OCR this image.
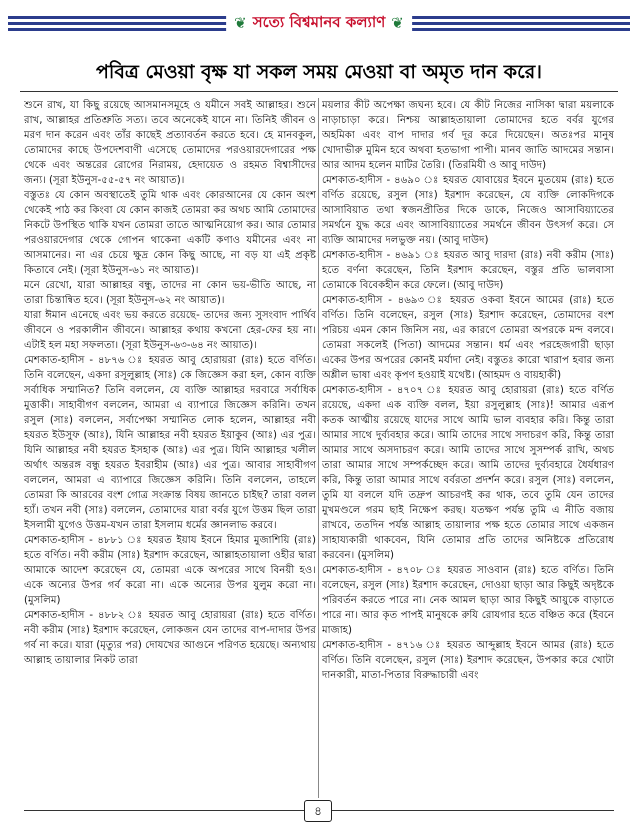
❦ সত্যে বিশ্বমানব কল্যাণ ❦
পবিত্র মেওয়া বৃক্ষ যা সকল সময় মেওয়া বা অমৃত দান করে।

শুনে রাখ, যা কিছু রয়েছে আসমানসমূহে ও যমীনে সবই আল্লাহর। শুনে রাখ, আল্লাহর প্রতিশ্রুতি সত্য। তবে অনেকেই যানে না। তিনিই জীবন ও মরণ দান করেন এবং তাঁর কাছেই প্রত্যাবর্তন করতে হবে। হে মানবকুল, তোমাদের কাছে উপদেশবাণী এসেছে তোমাদের পরওয়ারদেগারের পক্ষ থেকে এবং অন্তরের রোগের নিরাময়, হেদায়েত ও রহমত বিশ্বাসীদের জন্য। (সূরা ইউনুস-৫৫-৫৭ নং আয়াত)।

বস্তুতঃ যে কোন অবস্থাতেই তুমি থাক এবং কোরআনের যে কোন অংশ থেকেই পাঠ কর কিংবা যে কোন কাজই তোমরা কর অথচ আমি তোমাদের নিকটে উপস্থিত থাকি যখন তোমরা তাতে আত্মনিয়োগ কর। আর তোমার পরওয়ারদেগার থেকে গোপন থাকেনা একটি কণাও যমীনের এবং না আসমানের। না এর চেয়ে ক্ষুদ্র কোন কিছু আছে, না বড় যা এই প্রকৃষ্ট কিতাবে নেই। (সূরা ইউনুস-৬১ নং আয়াত)।

মনে রেখো, যারা আল্লাহর বন্ধু, তাদের না কোন ভয়-ভীতি আছে, না তারা চিন্তান্বিত হবে। (সূরা ইউনুস-৬২ নং আয়াত)।

যারা ঈমান এনেছে এবং ভয় করতে রয়েছে- তাদের জন্য সুসংবাদ পার্থিব জীবনে ও পরকালীন জীবনে। আল্লাহর কথায় কখনো হের-ফের হয় না। এটাই হল মহা সফলতা। (সূরা ইউনুস-৬৩-৬৪ নং আয়াত)।

মেশকাত-হাদীস - ৪৮৭৬ ঃ হযরত আবু হোরায়রা (রাঃ) হতে বর্ণিত। তিনি বলেছেন, একদা রসূলুল্লাহ (সাঃ) কে জিজ্ঞেস করা হল, কোন ব্যক্তি সর্বাধিক সম্মানিত? তিনি বললেন, যে ব্যক্তি আল্লাহর দরবারে সর্বাধিক মুত্তাকী। সাহাবীগণ বললেন, আমরা এ ব্যাপারে জিজ্ঞেস করিনি। তখন রসুল (সাঃ) বললেন, সর্বাপেক্ষা সম্মানিত লোক হলেন, আল্লাহর নবী হযরত ইউসুফ (আঃ), যিনি আল্লাহর নবী হযরত ইয়াকুব (আঃ) এর পুত্র। যিনি আল্লাহর নবী হযরত ইসহাক (আঃ) এর পুত্র। যিনি আল্লাহর খলীল অর্থাৎ অন্তরঙ্গ বন্ধু হযরত ইবরাহীম (আঃ) এর পুত্র। আবার সাহাবীগণ বললেন, আমরা এ ব্যাপারে জিজ্ঞেস করিনি। তিনি বললেন, তাহলে তোমরা কি আরবের বংশ গোত্র সংক্রান্ত বিষয় জানতে চাইছ? তারা বলল হ্যাঁ। তখন নবী (সাঃ) বললেন, তোমাদের যারা বর্বর যুগে উত্তম ছিল তারা ইসলামী যুগেও উত্তম-যখন তারা ইসলাম ধর্মের জ্ঞানলাভ করবে।

মেশকাত-হাদীস - ৪৮৮১ ঃ হযরত ইয়ায ইবনে হিমার মুজাশিয়ি (রাঃ) হতে বর্ণিত। নবী করীম (সাঃ) ইরশাদ করেছেন, আল্লাহতায়ালা ওহীর দ্বারা আমাকে আদেশ করেছেন যে, তোমরা একে অপরের সাথে বিনয়ী হও। একে অন্যের উপর গর্ব করো না। একে অন্যের উপর যুলুম করো না। (মুসলিম)

মেশকাত-হাদীস - ৪৮৮২ ঃ হযরত আবু হোরায়রা (রাঃ) হতে বর্ণিত। নবী করীম (সাঃ) ইরশাদ করেছেন, লোকজন যেন তাদের বাপ-দাদার উপর গর্ব না করে। যারা (মৃত্যুর পর) দোযখের আগুনে পরিণত হয়েছে। অন্যথায় আল্লাহ তায়ালার নিকট তারা

ময়লার কীট অপেক্ষা জঘন্য হবে। যে কীট নিজের নাসিকা দ্বারা ময়লাকে নাড়াচাড়া করে। নিশ্চয় আল্লাহতায়ালা তোমাদের হতে বর্বর যুগের অহমিকা এবং বাপ দাদার গর্ব দূর করে দিয়েছেন। অতঃপর মানুষ খোদাভীরু মুমিন হবে অথবা হতভাগা পাপী। মানব জাতি আদমের সন্তান। আর আদম হলেন মাটির তৈরি। (তিরমিযী ও আবু দাউদ)

মেশকাত-হাদীস - ৪৬৯০ ঃ হযরত যোবায়ের ইবনে মুতয়েম (রাঃ) হতে বর্ণিত রয়েছে, রসুল (সাঃ) ইরশাদ করেছেন, যে ব্যক্তি লোকদিগকে আসাবিয়াত তথা স্বজনপ্রীতির দিকে ডাকে, নিজেও আসাবিয়্যাতের সমর্থনে যুদ্ধ করে এবং আসাবিয়্যাতের সমর্থনে জীবন উৎসর্গ করে। সে ব্যক্তি আমাদের দলভুক্ত নয়। (আবু দাউদ)

মেশকাত-হাদীস - ৪৬৯১ ঃ হযরত আবু দারদা (রাঃ) নবী করীম (সাঃ) হতে বর্ণনা করেছেন, তিনি ইরশাদ করেছেন, বস্তুর প্রতি ভালবাসা তোমাকে বিবেকহীন করে ফেলে। (আবু দাউদ)

মেশকাত-হাদীস - ৪৬৯৩ ঃ হযরত ওকবা ইবনে আমের (রাঃ) হতে বর্ণিত। তিনি বলেছেন, রসুল (সাঃ) ইরশাদ করেছেন, তোমাদের বংশ পরিচয় এমন কোন জিনিস নয়, এর কারণে তোমরা অপরকে মন্দ বলবে। তোমরা সকলেই (পিতা) আদমের সন্তান। ধর্ম এবং পরহেজগারী ছাড়া একের উপর অপরের কোনই মর্যাদা নেই। বস্তুতঃ কারো খারাপ হবার জন্য অশ্লীল ভাষা এবং কৃপণ হওয়াই যথেষ্ট। (আহমদ ও বায়হাকী)

মেশকাত-হাদীস - ৪৭০৭ ঃ হযরত আবু হোরায়রা (রাঃ) হতে বর্ণিত রয়েছে, একদা এক ব্যক্তি বলল, ইয়া রসুলুল্লাহ (সাঃ)! আমার এরূপ কতক আত্মীয় রয়েছে যাদের সাথে আমি ভাল ব্যবহার করি। কিন্তু তারা আমার সাথে দুর্ব্যবহার করে। আমি তাদের সাথে সদাচরণ করি, কিন্তু তারা আমার সাথে অসদাচরণ করে। আমি তাদের সাথে সুসম্পর্ক রাখি, অথচ তারা আমার সাথে সম্পর্কচ্ছেদ করে। আমি তাদের দুর্ব্যবহারে ধৈর্যধারণ করি, কিন্তু তারা আমার সাথে বর্বরতা প্রদর্শন করে। রসুল (সাঃ) বললেন, তুমি যা বললে যদি তদ্রুপ আচরণই কর থাক, তবে তুমি যেন তাদের মুখমণ্ডলে গরম ছাই নিক্ষেপ করছ। যতক্ষণ পর্যন্ত তুমি এ নীতি বজায় রাখবে, ততদিন পর্যন্ত আল্লাহ তায়ালার পক্ষ হতে তোমার সাথে একজন সাহায্যকারী থাকবেন, যিনি তোমার প্রতি তাদের অনিষ্টকে প্রতিরোধ করবেন। (মুসলিম)

মেশকাত-হাদীস - ৪৭০৮ ঃ হযরত সাওবান (রাঃ) হতে বর্ণিত। তিনি বলেছেন, রসুল (সাঃ) ইরশাদ করেছেন, দোওয়া ছাড়া আর কিছুই অদৃষ্টকে পরিবর্তন করতে পারে না। নেক আমল ছাড়া আর কিছুই আয়ুকে বাড়াতে পারে না। আর কৃত পাপই মানুষকে রুযি রোযগার হতে বঞ্চিত করে (ইবনে মাজাহ)

মেশকাত-হাদীস - ৪৭১৬ ঃ হযরত আব্দুল্লাহ ইবনে আমর (রাঃ) হতে বর্ণিত। তিনি বলেছেন, রসুল (সাঃ) ইরশাদ করেছেন, উপকার করে খোটা দানকারী, মাতা-পিতার বিরুদ্ধাচারী এবং

৪
